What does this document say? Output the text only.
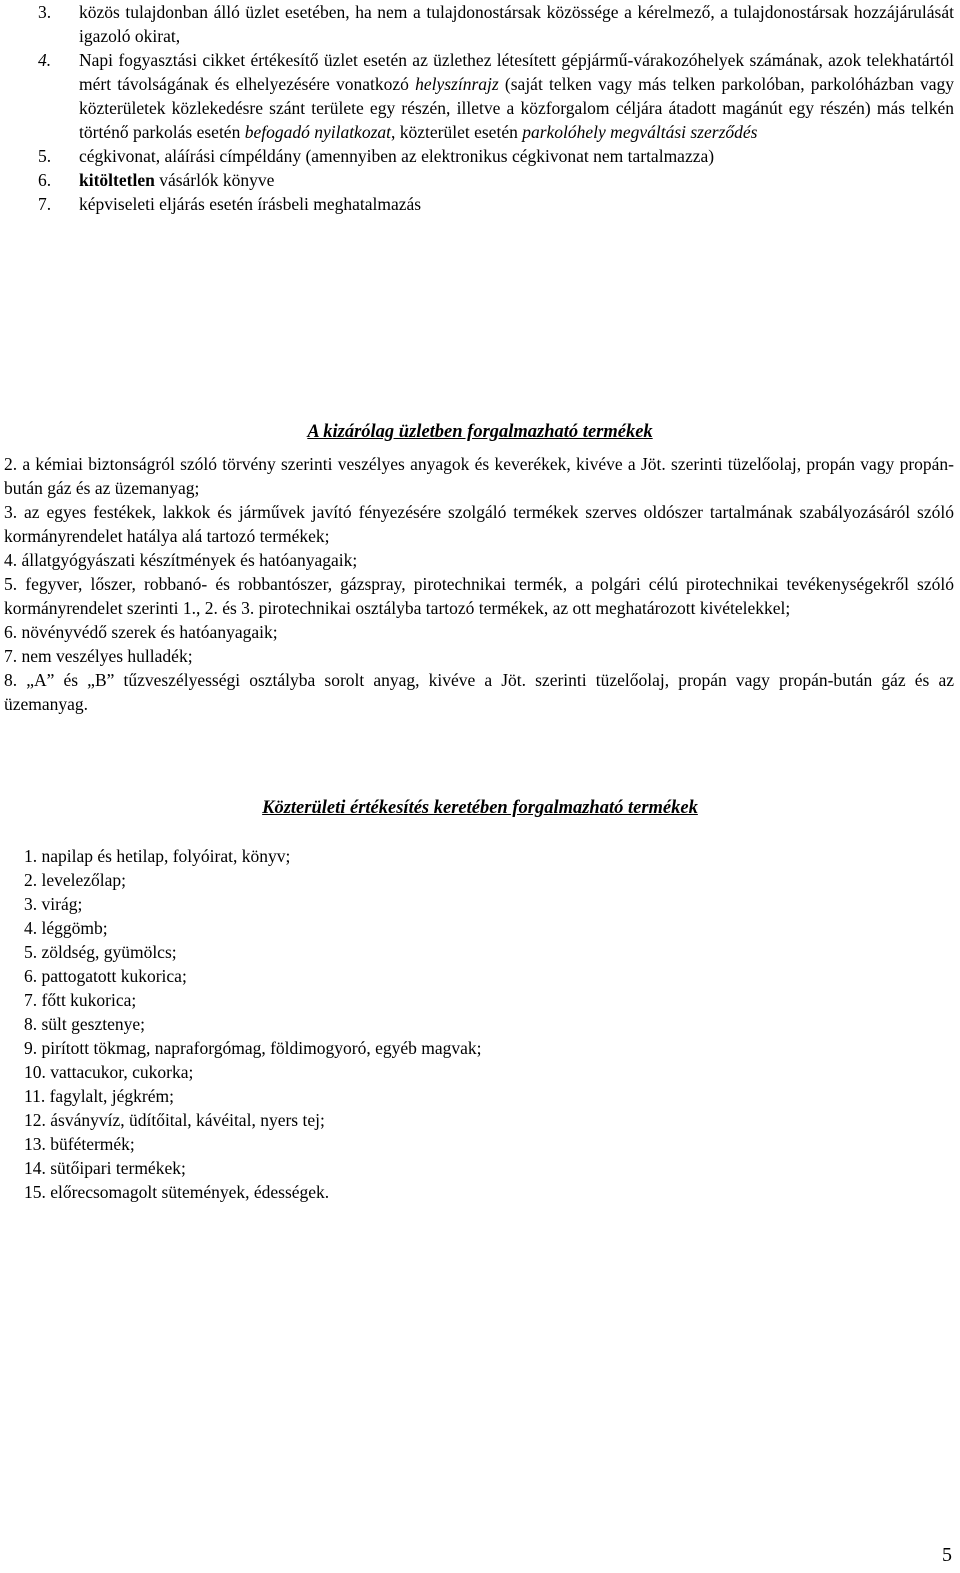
3.	közös tulajdonban álló üzlet esetében, ha nem a tulajdonostársak közössége a kérelmező, a tulajdonostársak hozzájárulását igazoló okirat,
4.	Napi fogyasztási cikket értékesítő üzlet esetén az üzlethez létesített gépjármű-várakozóhelyek számának, azok telekhatártól mért távolságának és elhelyezésére vonatkozó helyszínrajz (saját telken vagy más telken parkolóban, parkolóházban vagy közterületek közlekedésre szánt területe egy részén, illetve a közforgalom céljára átadott magánút egy részén) más telkén történő parkolás esetén befogadó nyilatkozat, közterület esetén parkolóhely megváltási szerződés
5.	cégkivonat, aláírási címpéldány (amennyiben az elektronikus cégkivonat nem tartalmazza)
6.	kitöltetlen vásárlók könyve
7.	képviseleti eljárás esetén írásbeli meghatalmazás
A kizárólag üzletben forgalmazható termékek
2. a kémiai biztonságról szóló törvény szerinti veszélyes anyagok és keverékek, kivéve a Jöt. szerinti tüzelőolaj, propán vagy propán-bután gáz és az üzemanyag;
3. az egyes festékek, lakkok és járművek javító fényezésére szolgáló termékek szerves oldószer tartalmának szabályozásáról szóló kormányrendelet hatálya alá tartozó termékek;
4. állatgyógyászati készítmények és hatóanyagaik;
5. fegyver, lőszer, robbanó- és robbantószer, gázspray, pirotechnikai termék, a polgári célú pirotechnikai tevékenységekről szóló kormányrendelet szerinti 1., 2. és 3. pirotechnikai osztályba tartozó termékek, az ott meghatározott kivételekkel;
6. növényvédő szerek és hatóanyagaik;
7. nem veszélyes hulladék;
8. „A” és „B” tűzveszélyességi osztályba sorolt anyag, kivéve a Jöt. szerinti tüzelőolaj, propán vagy propán-bután gáz és az üzemanyag.
Közterületi értékesítés keretében forgalmazható termékek
1. napilap és hetilap, folyóirat, könyv;
2. levelezőlap;
3. virág;
4. léggömb;
5. zöldség, gyümölcs;
6. pattogatott kukorica;
7. főtt kukorica;
8. sült gesztenye;
9. pirított tökmag, napraforgómag, földimogyoró, egyéb magvak;
10. vattacukor, cukorka;
11. fagylalt, jégkrém;
12. ásványvíz, üdítőital, kávéital, nyers tej;
13. büfétermék;
14. sütőipari termékek;
15. előrecsomagolt sütemények, édességek.
5
